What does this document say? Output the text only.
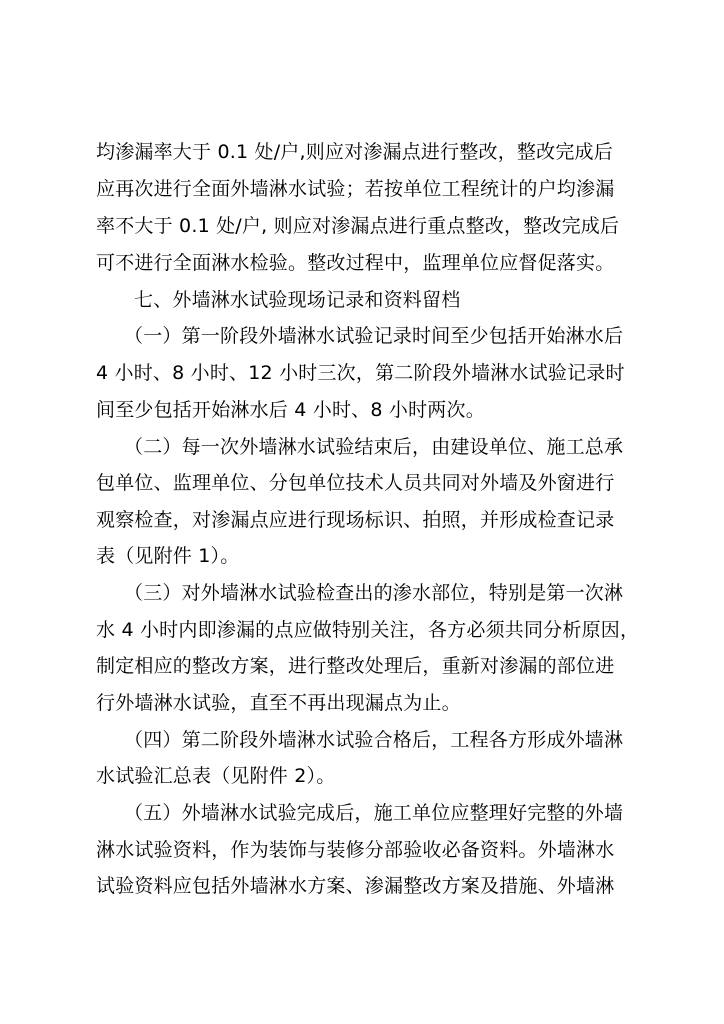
均渗漏率大于 0.1 处/户,则应对渗漏点进行整改，整改完成后
应再次进行全面外墙淋水试验；若按单位工程统计的户均渗漏
率不大于 0.1 处/户, 则应对渗漏点进行重点整改，整改完成后
可不进行全面淋水检验。整改过程中，监理单位应督促落实。
七、外墙淋水试验现场记录和资料留档
（一）第一阶段外墙淋水试验记录时间至少包括开始淋水后
4 小时、8 小时、12 小时三次，第二阶段外墙淋水试验记录时
间至少包括开始淋水后 4 小时、8 小时两次。
（二）每一次外墙淋水试验结束后，由建设单位、施工总承
包单位、监理单位、分包单位技术人员共同对外墙及外窗进行
观察检查，对渗漏点应进行现场标识、拍照，并形成检查记录
表（见附件 1）。
（三）对外墙淋水试验检查出的渗水部位，特别是第一次淋
水 4 小时内即渗漏的点应做特别关注，各方必须共同分析原因，
制定相应的整改方案，进行整改处理后，重新对渗漏的部位进
行外墙淋水试验，直至不再出现漏点为止。
（四）第二阶段外墙淋水试验合格后，工程各方形成外墙淋
水试验汇总表（见附件 2）。
（五）外墙淋水试验完成后，施工单位应整理好完整的外墙
淋水试验资料，作为装饰与装修分部验收必备资料。外墙淋水
试验资料应包括外墙淋水方案、渗漏整改方案及措施、外墙淋
